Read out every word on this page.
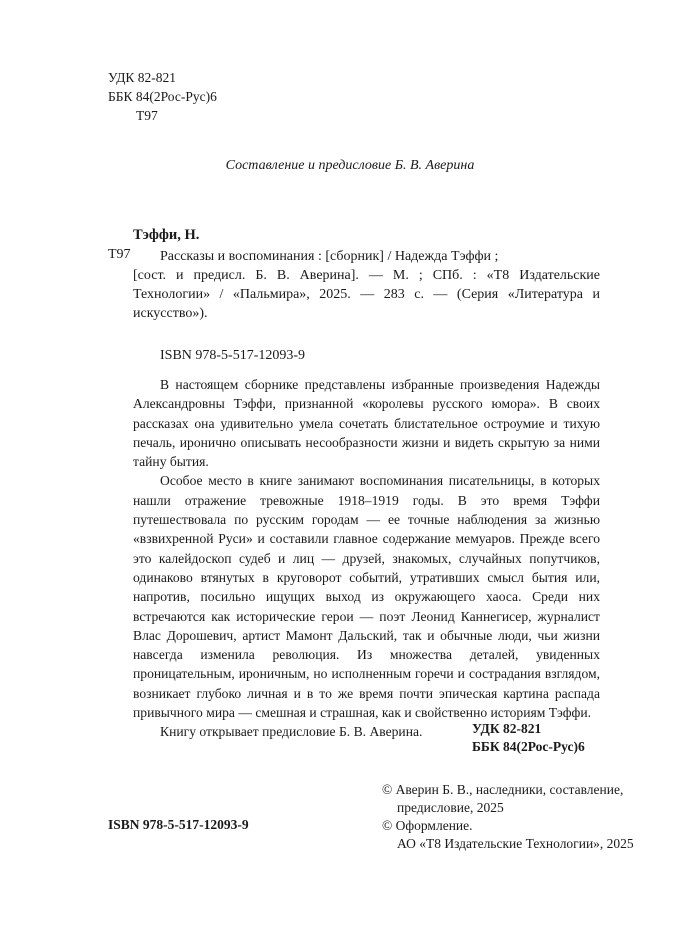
УДК 82-821
ББК 84(2Рос-Рус)6
Т97
Составление и предисловие Б. В. Аверина
Тэффи, Н.
Т97 Рассказы и воспоминания : [сборник] / Надежда Тэффи ;
[сост. и предисл. Б. В. Аверина]. — М. ; СПб. : «Т8 Издательские Технологии» / «Пальмира», 2025. — 283 с. — (Серия «Литература и искусство»).
ISBN 978-5-517-12093-9

В настоящем сборнике представлены избранные произведения Надежды Александровны Тэффи, признанной «королевы русского юмора». В своих рассказах она удивительно умела сочетать блистательное остроумие и тихую печаль, иронично описывать несообразности жизни и видеть скрытую за ними тайну бытия.

Особое место в книге занимают воспоминания писательницы, в которых нашли отражение тревожные 1918–1919 годы. В это время Тэффи путешествовала по русским городам — ее точные наблюдения за жизнью «взвихренной Руси» и составили главное содержание мемуаров. Прежде всего это калейдоскоп судеб и лиц — друзей, знакомых, случайных попутчиков, одинаково втянутых в круговорот событий, утративших смысл бытия или, напротив, посильно ищущих выход из окружающего хаоса. Среди них встречаются как исторические герои — поэт Леонид Каннегисер, журналист Влас Дорошевич, артист Мамонт Дальский, так и обычные люди, чьи жизни навсегда изменила революция. Из множества деталей, увиденных проницательным, ироничным, но исполненным горечи и сострадания взглядом, возникает глубоко личная и в то же время почти эпическая картина распада привычного мира — смешная и страшная, как и свойственно историям Тэффи.

Книгу открывает предисловие Б. В. Аверина.	УДК 82-821
ББК 84(2Рос-Рус)6
© Аверин Б. В., наследники, составление,
предисловие, 2025
© Оформление.
АО «Т8 Издательские Технологии», 2025
ISBN 978-5-517-12093-9
